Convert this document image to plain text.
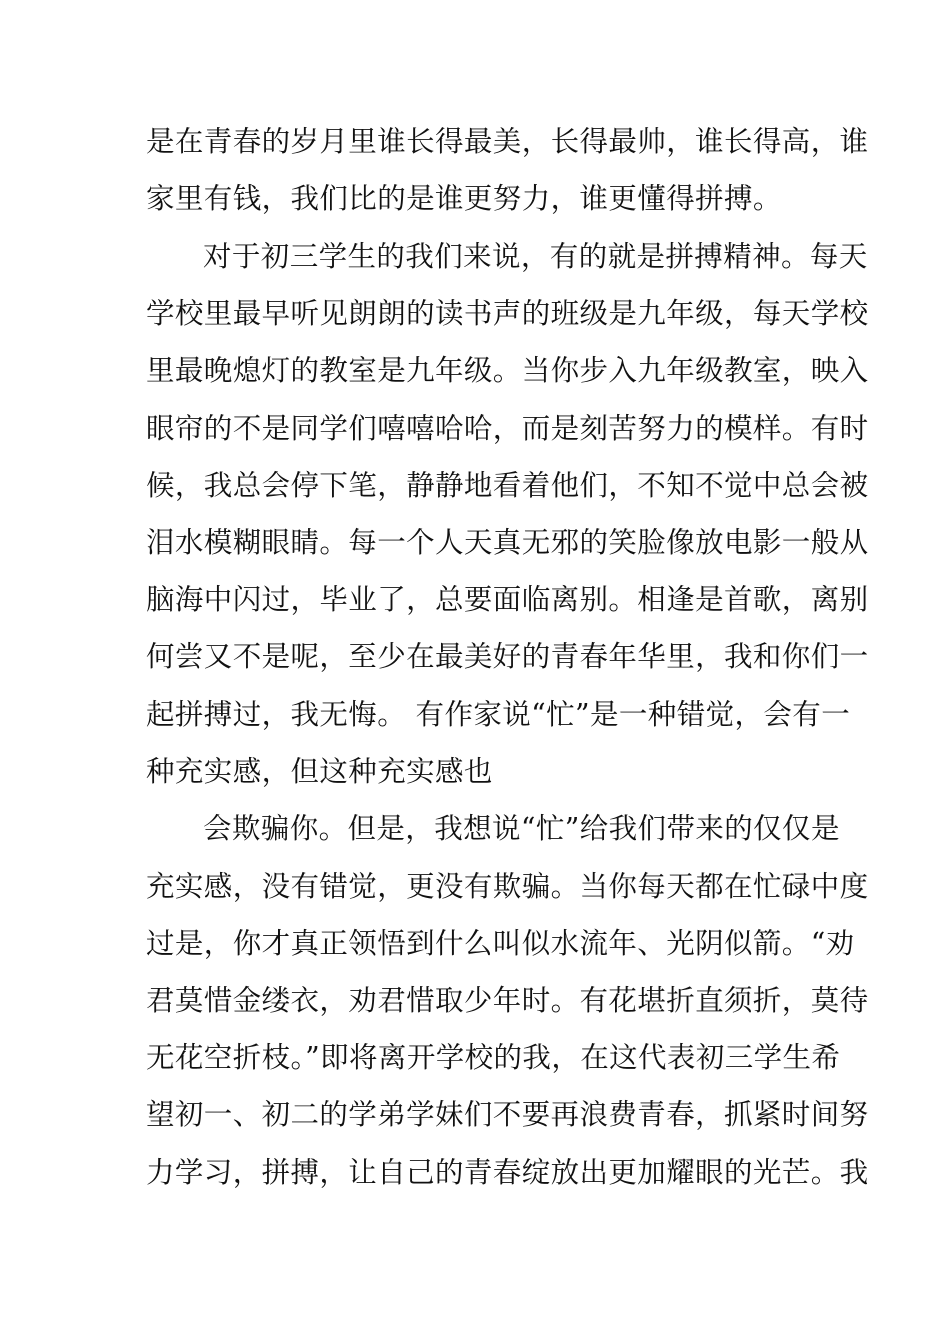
是在青春的岁月里谁长得最美，长得最帅，谁长得高，谁
家里有钱，我们比的是谁更努力，谁更懂得拼搏。
对于初三学生的我们来说，有的就是拼搏精神。每天
学校里最早听见朗朗的读书声的班级是九年级，每天学校
里最晚熄灯的教室是九年级。当你步入九年级教室，映入
眼帘的不是同学们嘻嘻哈哈，而是刻苦努力的模样。有时
候，我总会停下笔，静静地看着他们，不知不觉中总会被
泪水模糊眼睛。每一个人天真无邪的笑脸像放电影一般从
脑海中闪过，毕业了，总要面临离别。相逢是首歌，离别
何尝又不是呢，至少在最美好的青春年华里，我和你们一
起拼搏过，我无悔。 有作家说“忙”是一种错觉，会有一
种充实感，但这种充实感也
会欺骗你。但是，我想说“忙”给我们带来的仅仅是
充实感，没有错觉，更没有欺骗。当你每天都在忙碌中度
过是，你才真正领悟到什么叫似水流年、光阴似箭。“劝
君莫惜金缕衣，劝君惜取少年时。有花堪折直须折，莫待
无花空折枝。”即将离开学校的我，在这代表初三学生希
望初一、初二的学弟学妹们不要再浪费青春，抓紧时间努
力学习，拼搏，让自己的青春绽放出更加耀眼的光芒。我
